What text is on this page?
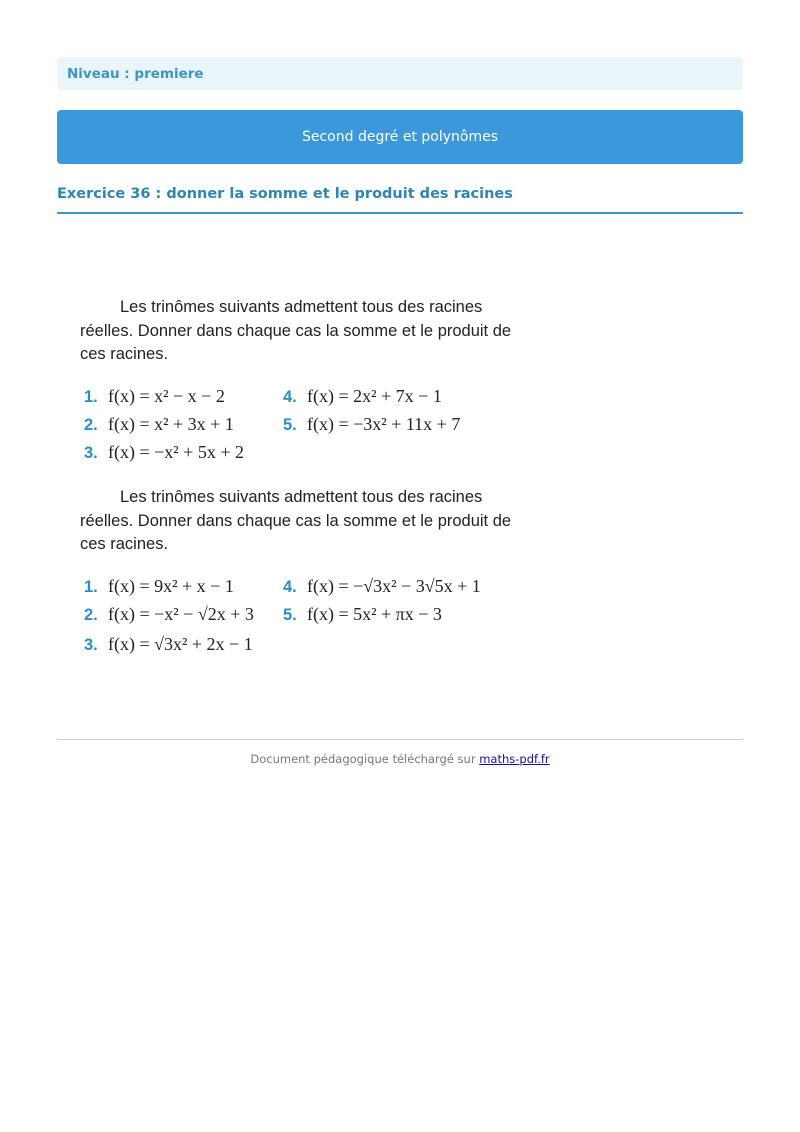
Niveau : premiere
Second degré et polynômes
Exercice 36 : donner la somme et le produit des racines

Les trinômes suivants admettent tous des racines réelles. Donner dans chaque cas la somme et le produit de ces racines.

1. f(x) = x² − x − 2
2. f(x) = x² + 3x + 1
3. f(x) = −x² + 5x + 2
4. f(x) = 2x² + 7x − 1
5. f(x) = −3x² + 11x + 7

Les trinômes suivants admettent tous des racines réelles. Donner dans chaque cas la somme et le produit de ces racines.

1. f(x) = 9x² + x − 1
2. f(x) = −x² − √2x + 3
3. f(x) = √3x² + 2x − 1
4. f(x) = −√3x² − 3√5x + 1
5. f(x) = 5x² + πx − 3
Document pédagogique téléchargé sur maths-pdf.fr
